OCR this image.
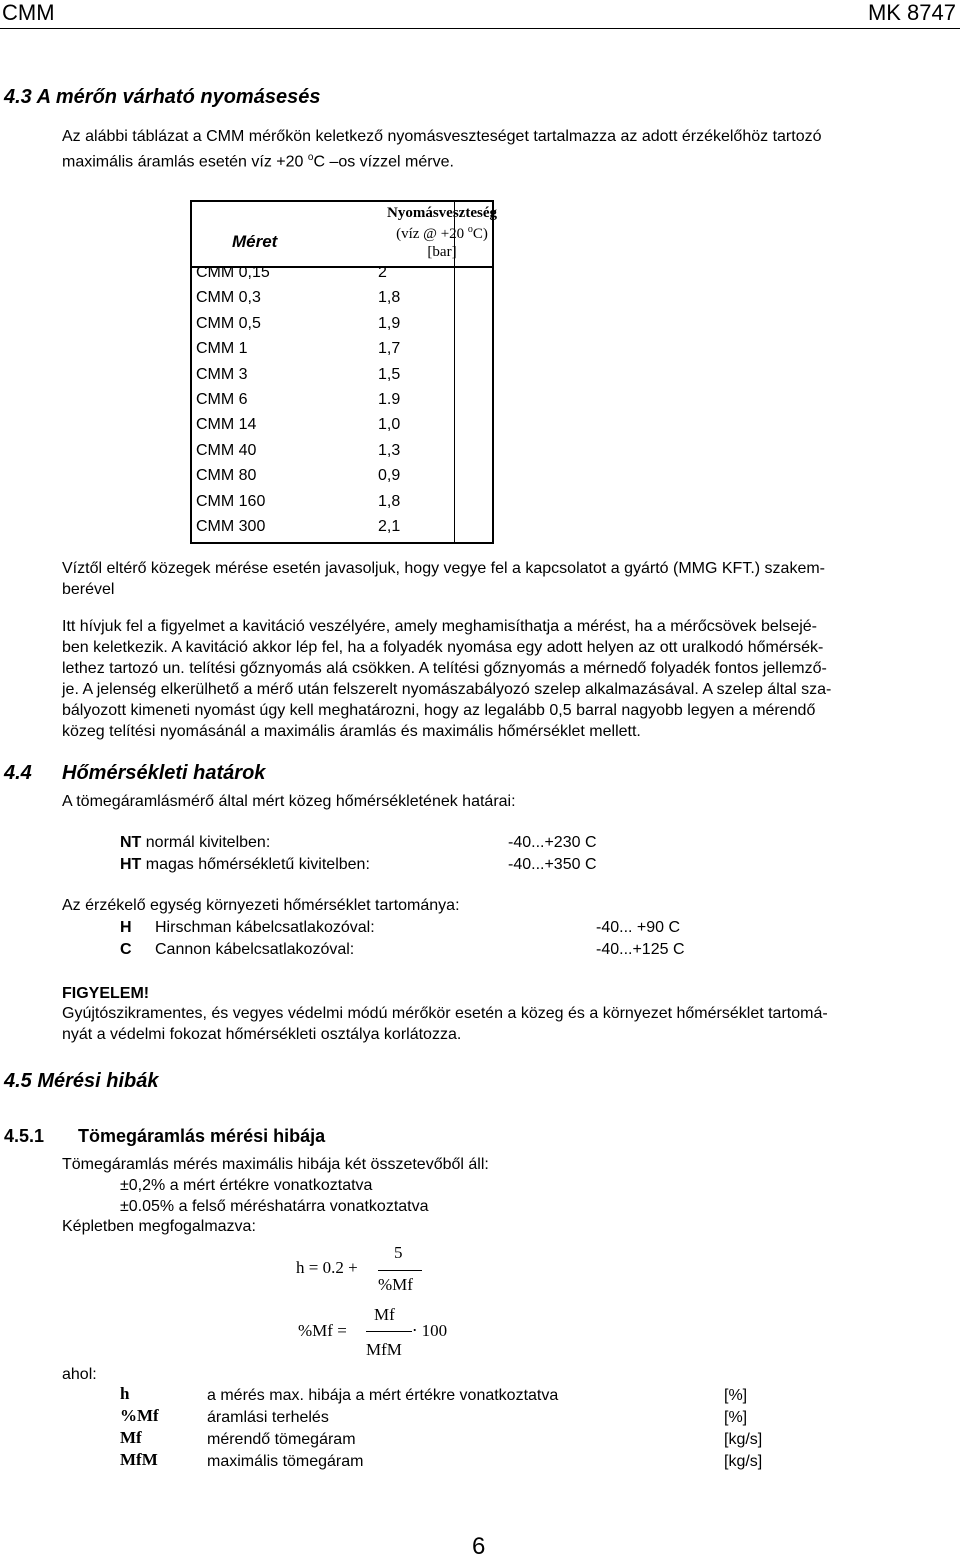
CMM	MK 8747
4.3 A mérőn várható nyomásesés
Az alábbi táblázat a CMM mérőkön keletkező nyomásveszteséget tartalmazza az adott érzékelőhöz tartozó
maximális áramlás esetén víz +20 $^o$C –os vízzel mérve.
Méret
Nyomásveszteség
(víz @ +20 $^o$C)
[bar]
CMM 0,15	2
CMM 0,3	1,8
CMM 0,5	1,9
CMM 1	1,7
CMM 3	1,5
CMM 6	1.9
CMM 14	1,0
CMM 40	1,3
CMM 80	0,9
CMM 160	1,8
CMM 300	2,1
Víztől eltérő közegek mérése esetén javasoljuk, hogy vegye fel a kapcsolatot a gyártó (MMG KFT.) szakem-
berével
Itt hívjuk fel a figyelmet a kavitáció veszélyére, amely meghamisíthatja a mérést, ha a mérőcsövek belsejé-
ben keletkezik. A kavitáció akkor lép fel, ha a folyadék nyomása egy adott helyen az ott uralkodó hőmérsék-
lethez tartozó un. telítési gőznyomás alá csökken. A telítési gőznyomás a mérnedő folyadék fontos jellemző-
je. A jelenség elkerülhető a mérő után felszerelt nyomászabályozó szelep alkalmazásával. A szelep által sza-
bályozott kimeneti nyomást úgy kell meghatározni, hogy az legalább 0,5 barral nagyobb legyen a mérendő
közeg telítési nyomásánál a maximális áramlás és maximális hőmérséklet mellett.
4.4 Hőmérsékleti határok
A tömegáramlásmérő által mért közeg hőmérsékletének határai:
NT normál kivitelben:	-40...+230 C
HT magas hőmérsékletű kivitelben:	-40...+350 C
Az érzékelő egység környezeti hőmérséklet tartománya:
H Hirschman kábelcsatlakozóval:	-40... +90 C
C Cannon kábelcsatlakozóval:	-40...+125 C
FIGYELEM!
Gyújtószikramentes, és vegyes védelmi módú mérőkör esetén a közeg és a környezet hőmérséklet tartomá-
nyát a védelmi fokozat hőmérsékleti osztálya korlátozza.
4.5 Mérési hibák
4.5.1 Tömegáramlás mérési hibája
Tömegáramlás mérés maximális hibája két összetevőből áll:
±0,2% a mért értékre vonatkoztatva
±0.05% a felső méréshatárra vonatkoztatva
Képletben megfogalmazva:
h = 0.2 +
5
%Mf
%Mf =
Mf
MfM
⋅ 100
ahol:
h	a mérés max. hibája a mért értékre vonatkoztatva	[%]
%Mf	áramlási terhelés	[%]
Mf	mérendő tömegáram	[kg/s]
MfM	maximális tömegáram	[kg/s]
6
